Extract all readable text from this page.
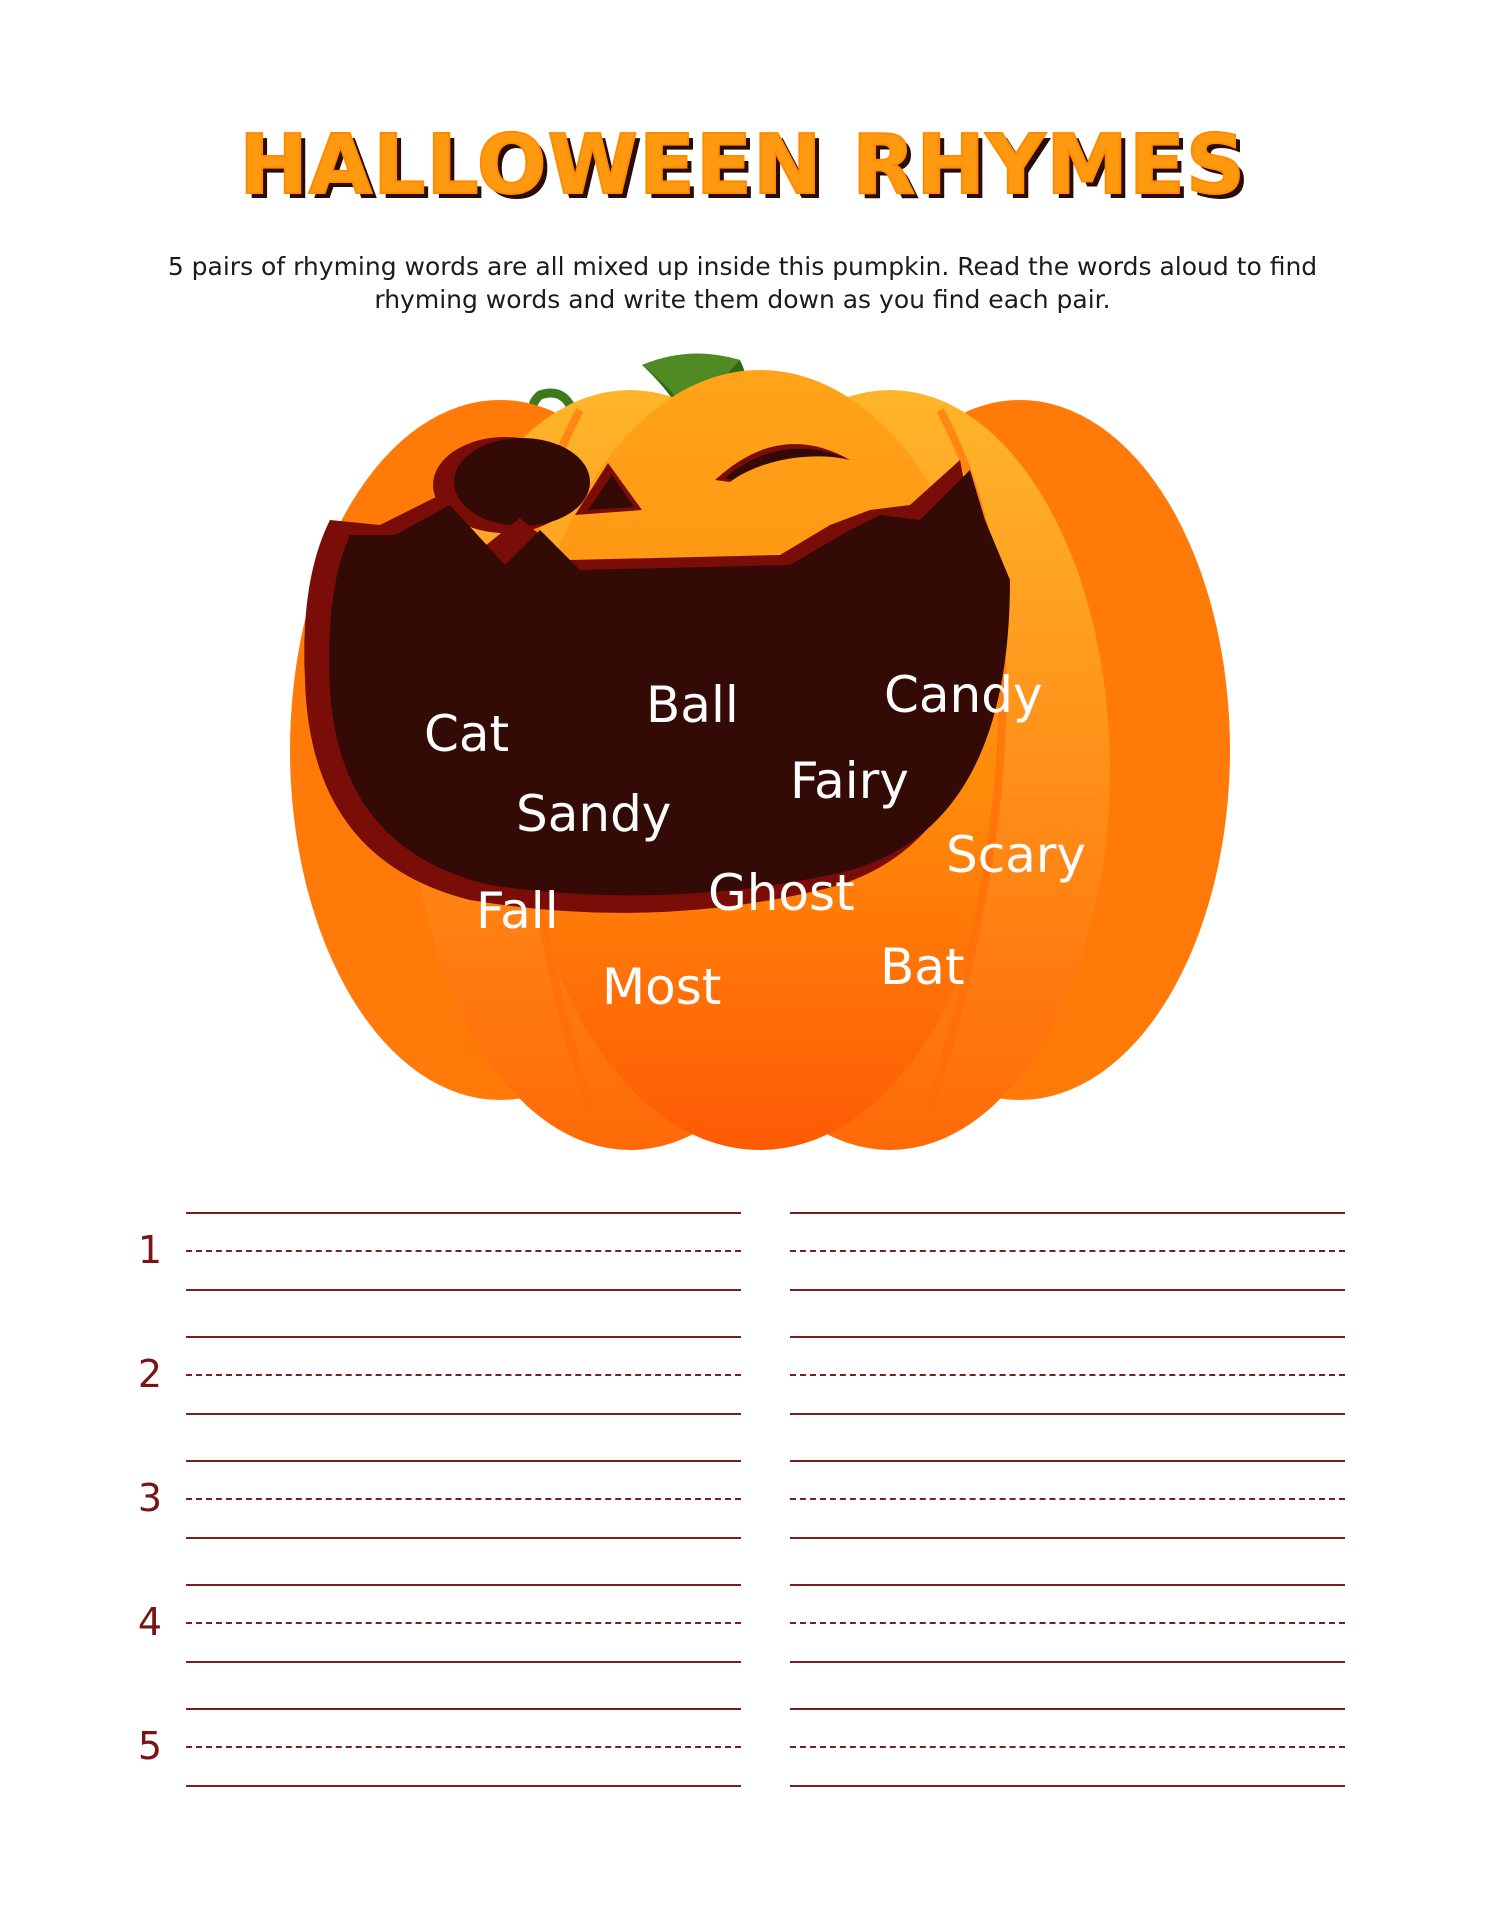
HALLOWEEN RHYMES
5 pairs of rhyming words are all mixed up inside this pumpkin. Read the words aloud to find rhyming words and write them down as you find each pair.
Cat	Ball	Candy
Fairy
Sandy
Scary
Ghost
Fall
Bat
Most
1
2
3
4
5
